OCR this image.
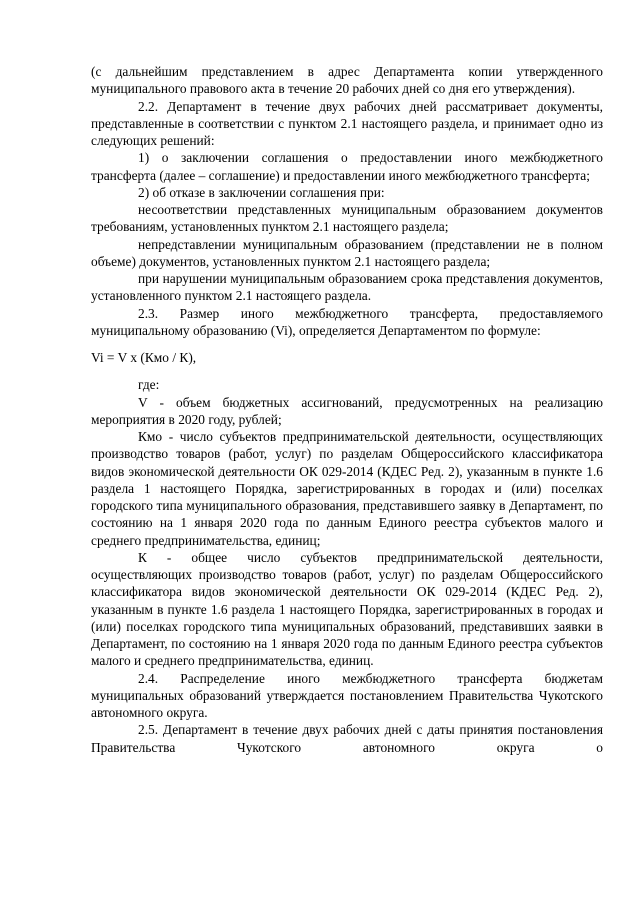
(с дальнейшим представлением в адрес Департамента копии утвержденного муниципального правового акта в течение 20 рабочих дней со дня его утверждения).

2.2. Департамент в течение двух рабочих дней рассматривает документы, представленные в соответствии с пунктом 2.1 настоящего раздела, и принимает одно из следующих решений:

1) о заключении соглашения о предоставлении иного межбюджетного трансферта (далее – соглашение) и предоставлении иного межбюджетного трансферта;

2) об отказе в заключении соглашения при:

несоответствии представленных муниципальным образованием документов требованиям, установленных пунктом 2.1 настоящего раздела;

непредставлении муниципальным образованием (представлении не в полном объеме) документов, установленных пунктом 2.1 настоящего раздела;

при нарушении муниципальным образованием срока представления документов, установленного пунктом 2.1 настоящего раздела.

2.3. Размер иного межбюджетного трансферта, предоставляемого муниципальному образованию (Vi), определяется Департаментом по формуле:

Vi = V x (Кмо / К),

где:

V - объем бюджетных ассигнований, предусмотренных на реализацию мероприятия в 2020 году, рублей;

Кмо - число субъектов предпринимательской деятельности, осуществляющих производство товаров (работ, услуг) по разделам Общероссийского классификатора видов экономической деятельности ОК 029-2014 (КДЕС Ред. 2), указанным в пункте 1.6 раздела 1 настоящего Порядка, зарегистрированных в городах и (или) поселках городского типа муниципального образования, представившего заявку в Департамент, по состоянию на 1 января 2020 года по данным Единого реестра субъектов малого и среднего предпринимательства, единиц;

К - общее число субъектов предпринимательской деятельности, осуществляющих производство товаров (работ, услуг) по разделам Общероссийского классификатора видов экономической деятельности ОК 029-2014 (КДЕС Ред. 2), указанным в пункте 1.6 раздела 1 настоящего Порядка, зарегистрированных в городах и (или) поселках городского типа муниципальных образований, представивших заявки в Департамент, по состоянию на 1 января 2020 года по данным Единого реестра субъектов малого и среднего предпринимательства, единиц.

2.4. Распределение иного межбюджетного трансферта бюджетам муниципальных образований утверждается постановлением Правительства Чукотского автономного округа.

2.5. Департамент в течение двух рабочих дней с даты принятия постановления Правительства Чукотского автономного округа о
